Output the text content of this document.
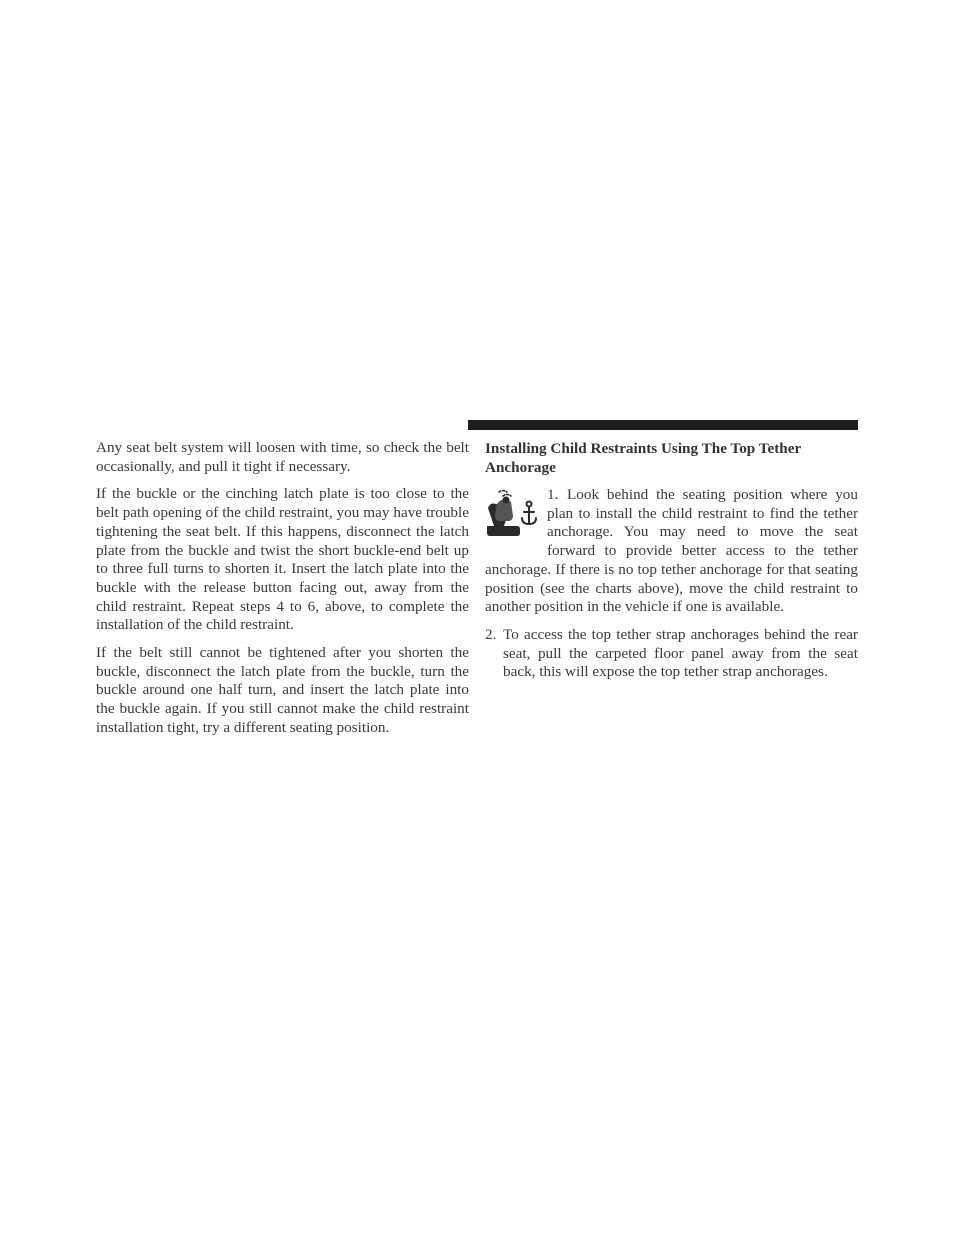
Any seat belt system will loosen with time, so check the belt occasionally, and pull it tight if necessary.

If the buckle or the cinching latch plate is too close to the belt path opening of the child restraint, you may have trouble tightening the seat belt. If this happens, disconnect the latch plate from the buckle and twist the short buckle-end belt up to three full turns to shorten it. Insert the latch plate into the buckle with the release button facing out, away from the child restraint. Repeat steps 4 to 6, above, to complete the installation of the child restraint.

If the belt still cannot be tightened after you shorten the buckle, disconnect the latch plate from the buckle, turn the buckle around one half turn, and insert the latch plate into the buckle again. If you still cannot make the child restraint installation tight, try a different seating position.

Installing Child Restraints Using The Top Tether Anchorage
1. Look behind the seating position where you plan to install the child restraint to find the tether anchorage. You may need to move the seat forward to provide better access to the tether anchorage. If there is no top tether anchorage for that seating position (see the charts above), move the child restraint to another position in the vehicle if one is available.
2. To access the top tether strap anchorages behind the rear seat, pull the carpeted floor panel away from the seat back, this will expose the top tether strap anchorages.
